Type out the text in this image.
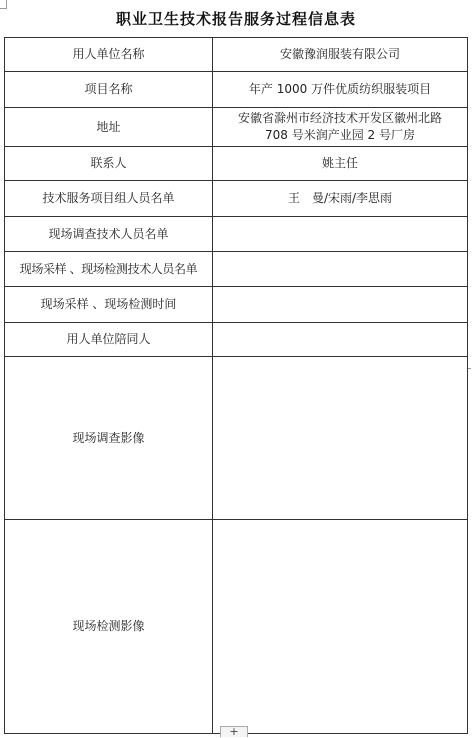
职业卫生技术报告服务过程信息表
用人单位名称	安徽豫润服装有限公司
项目名称	年产 1000 万件优质纺织服装项目
地址	安徽省滁州市经济技术开发区徽州北路
708 号米润产业园 2 号厂房

联系人	姚主任
技术服务项目组人员名单	王　曼/宋雨/李思雨
现场调查技术人员名单	
现场采样 、现场检测技术人员名单	
现场采样 、现场检测时间	
用人单位陪同人	
现场调查影像	
现场检测影像	
+
